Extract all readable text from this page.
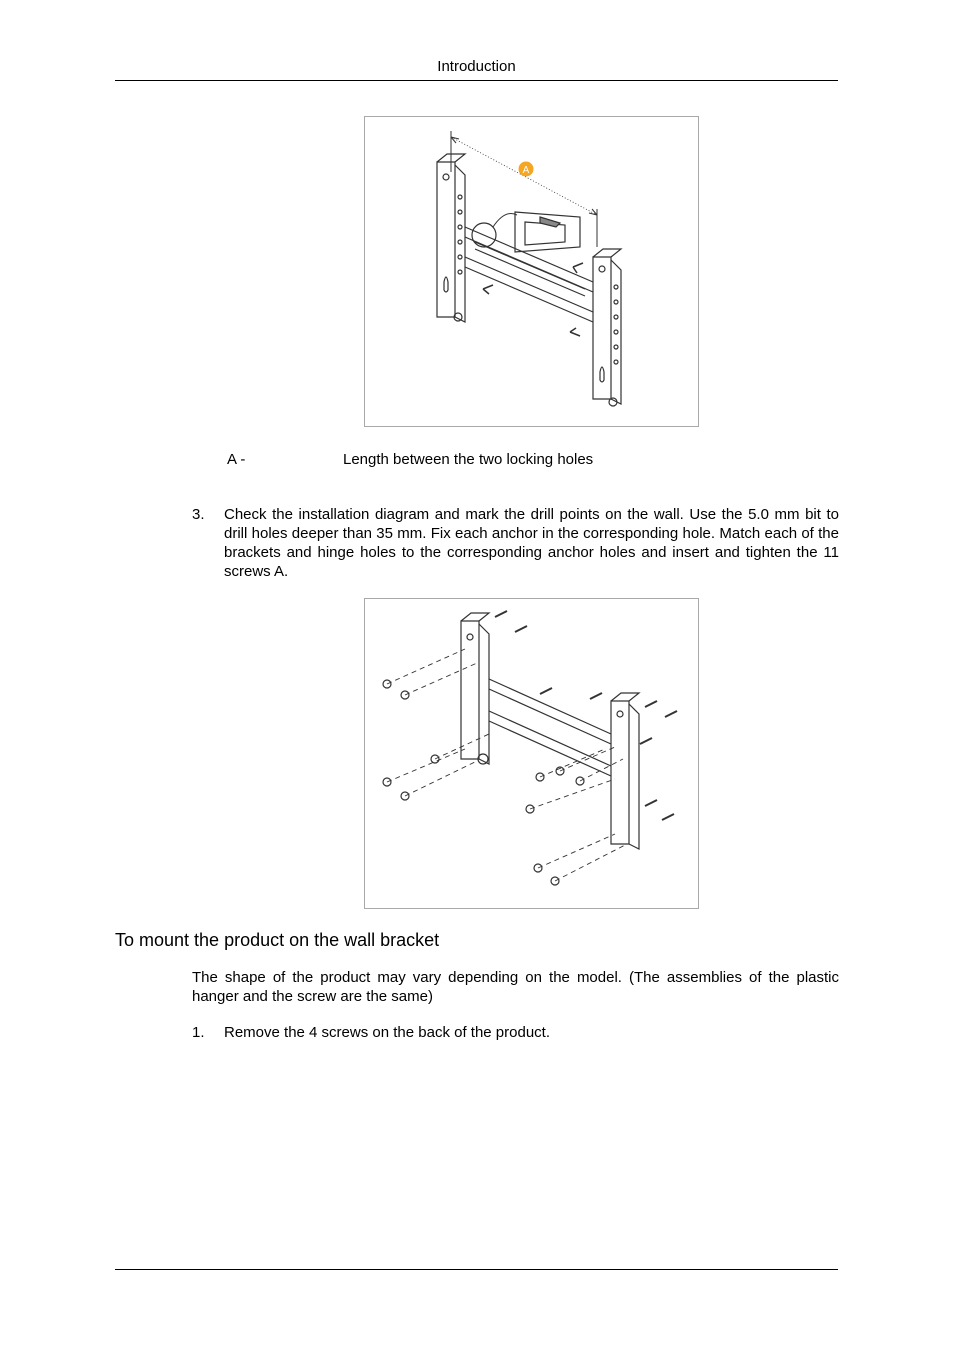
Introduction
A
A -	Length between the two locking holes
3. Check the installation diagram and mark the drill points on the wall. Use the 5.0 mm bit to drill holes deeper than 35 mm. Fix each anchor in the corresponding hole. Match each of the brackets and hinge holes to the corresponding anchor holes and insert and tighten the 11 screws A.
To mount the product on the wall bracket
The shape of the product may vary depending on the model. (The assemblies of the plastic hanger and the screw are the same)
1. Remove the 4 screws on the back of the product.
